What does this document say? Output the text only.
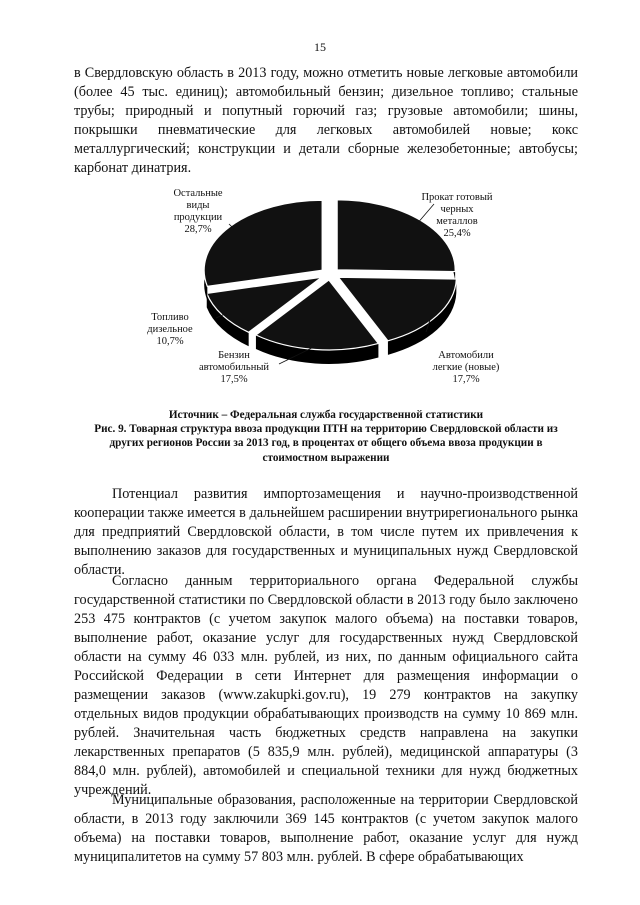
15

в Свердловскую область в 2013 году, можно отметить новые легковые автомобили (более 45 тыс. единиц); автомобильный бензин; дизельное топливо; стальные трубы; природный и попутный горючий газ; грузовые автомобили; шины, покрышки пневматические для легковых автомобилей новые; кокс металлургический; конструкции и детали сборные железобетонные; автобусы; карбонат динатрия.

Прокат готовый черных металлов 25,4%
Автомобили легкие (новые) 17,7%
Бензин автомобильный 17,5%
Топливо дизельное 10,7%
Остальные виды продукции 28,7%
Источник – Федеральная служба государственной статистики
Рис. 9. Товарная структура ввоза продукции ПТН на территорию Свердловской области из
других регионов России за 2013 год, в процентах от общего объема ввоза продукции в
стоимостном выражении

Потенциал развития импортозамещения и научно-производственной кооперации также имеется в дальнейшем расширении внутрирегионального рынка для предприятий Свердловской области, в том числе путем их привлечения к выполнению заказов для государственных и муниципальных нужд Свердловской области.

Согласно данным территориального органа Федеральной службы государственной статистики по Свердловской области в 2013 году было заключено 253 475 контрактов (с учетом закупок малого объема) на поставки товаров, выполнение работ, оказание услуг для государственных нужд Свердловской области на сумму 46 033 млн. рублей, из них, по данным официального сайта Российской Федерации в сети Интернет для размещения информации о размещении заказов (www.zakupki.gov.ru), 19 279 контрактов на закупку отдельных видов продукции обрабатывающих производств на сумму 10 869 млн. рублей. Значительная часть бюджетных средств направлена на закупки лекарственных препаратов (5 835,9 млн. рублей), медицинской аппаратуры (3 884,0 млн. рублей), автомобилей и специальной техники для нужд бюджетных учреждений.

Муниципальные образования, расположенные на территории Свердловской области, в 2013 году заключили 369 145 контрактов (с учетом закупок малого объема) на поставки товаров, выполнение работ, оказание услуг для нужд муниципалитетов на сумму 57 803 млн. рублей. В сфере обрабатывающих
